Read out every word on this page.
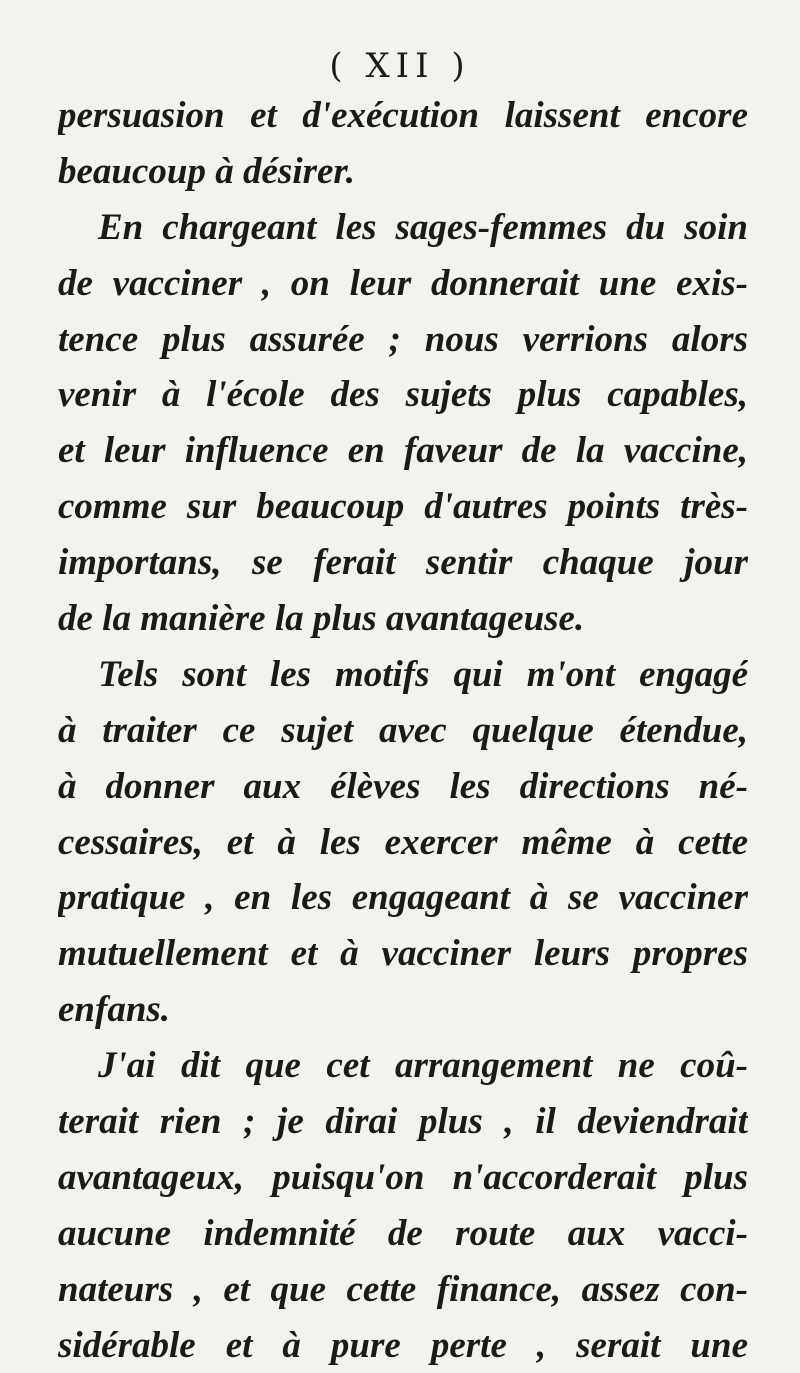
( XII )
persuasion et d'exécution laissent encore
beaucoup à désirer.
En chargeant les sages-femmes du soin
de vacciner , on leur donnerait une exis-
tence plus assurée ; nous verrions alors
venir à l'école des sujets plus capables,
et leur influence en faveur de la vaccine,
comme sur beaucoup d'autres points très-
importans, se ferait sentir chaque jour
de la manière la plus avantageuse.
Tels sont les motifs qui m'ont engagé
à traiter ce sujet avec quelque étendue,
à donner aux élèves les directions né-
cessaires, et à les exercer même à cette
pratique , en les engageant à se vacciner
mutuellement et à vacciner leurs propres
enfans.
J'ai dit que cet arrangement ne coû-
terait rien ; je dirai plus , il deviendrait
avantageux, puisqu'on n'accorderait plus
aucune indemnité de route aux vacci-
nateurs , et que cette finance, assez con-
sidérable et à pure perte , serait une
